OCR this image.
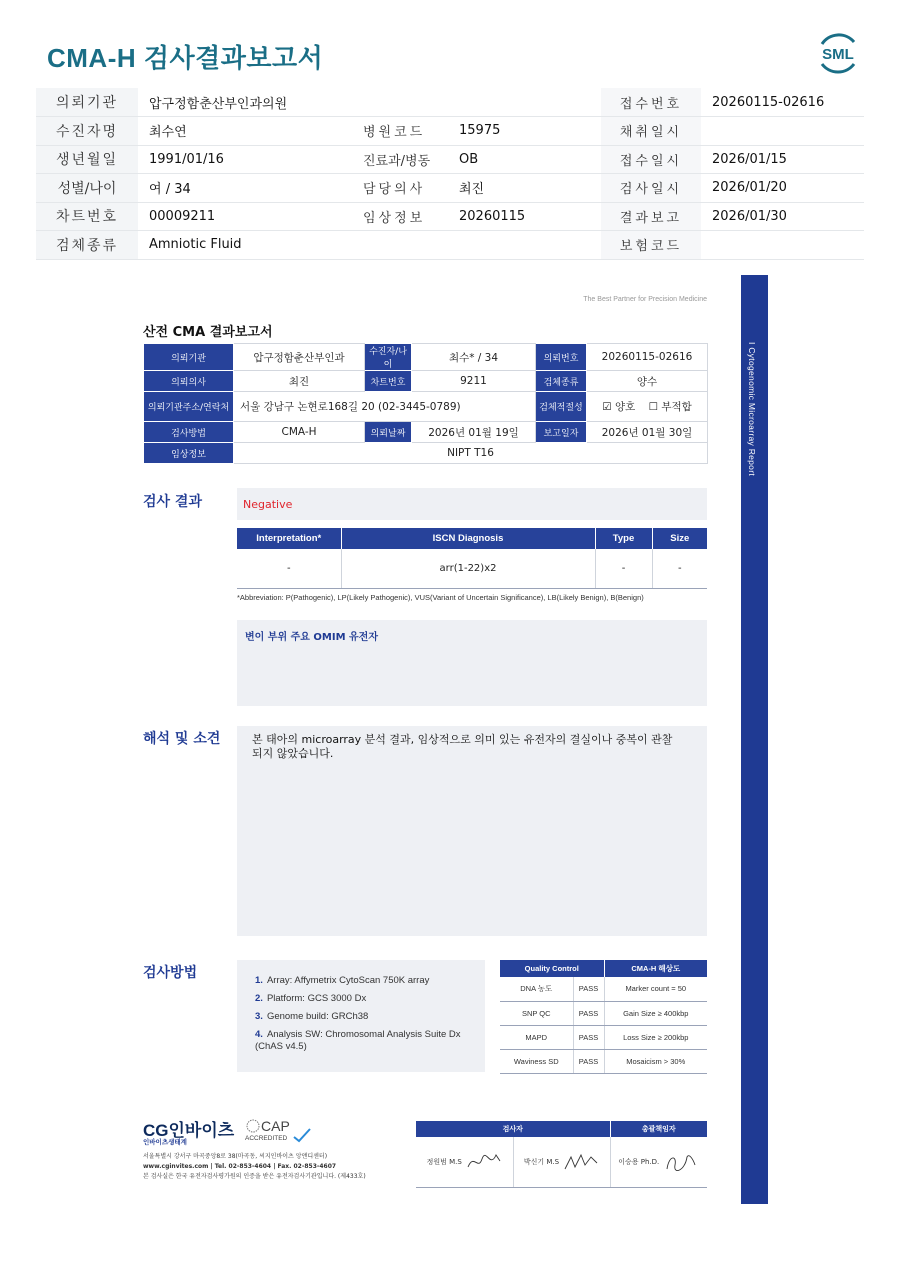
CMA-H 검사결과보고서	SML
의뢰기관	압구정함춘산부인과의원			접수번호	20260115-02616
수진자명	최수연	병원코드	15975	채취일시	
생년월일	1991/01/16	진료과/병동	OB	접수일시	2026/01/15
성별/나이	여 / 34	담당의사	최진	검사일시	2026/01/20
차트번호	00009211	임상정보	20260115	결과보고	2026/01/30
검체종류	Amniotic Fluid			보험코드	
I Cytogenomic Microarray Report
The Best Partner for Precision Medicine
산전 CMA 결과보고서
의뢰기관	압구정함춘산부인과	수진자/나이	최수* / 34	의뢰번호	20260115-02616
의뢰의사	최진	차트번호	9211	검체종류	양수
의뢰기관주소/연락처	서울 강남구 논현로168길 20 (02-3445-0789)			검체적절성	☑ 양호 ☐ 부적합
검사방법	CMA-H	의뢰날짜	2026년 01월 19일	보고일자	2026년 01월 30일
임상정보	NIPT T16				
검사 결과	Negative
Interpretation*	ISCN Diagnosis	Type	Size
-	arr(1-22)x2	-	-
*Abbreviation: P(Pathogenic), LP(Likely Pathogenic), VUS(Variant of Uncertain Significance), LB(Likely Benign), B(Benign)
변이 부위 주요 OMIM 유전자
해석 및 소견	본 태아의 microarray 분석 결과, 임상적으로 의미 있는 유전자의 결실이나 중복이 관찰되지 않았습니다.
검사방법	1. Array: Affymetrix CytoScan 750K array
2. Platform: GCS 3000 Dx
3. Genome build: GRCh38
4. Analysis SW: Chromosomal Analysis Suite Dx (ChAS v4.5)
Quality Control		CMA-H 해상도
DNA 농도	PASS	Marker count = 50
SNP QC	PASS	Gain Size ≥ 400kbp
MAPD	PASS	Loss Size ≥ 200kbp
Waviness SD	PASS	Mosaicism > 30%
CG인바이츠
인바이츠생태계
CAP
ACCREDITED
서울특별시 강서구 마곡중앙8로 38(마곡동, 씨지인바이츠 앙앤디센터)
www.cginvites.com | Tel. 02-853-4604 | Fax. 02-853-4607
본 검사실은 한국 유전자검사평가원의 인증을 받은 유전자검사기관입니다. (제433호)
검사자		총괄책임자

정원범 M.S	박신기 M.S	이승용 Ph.D.
